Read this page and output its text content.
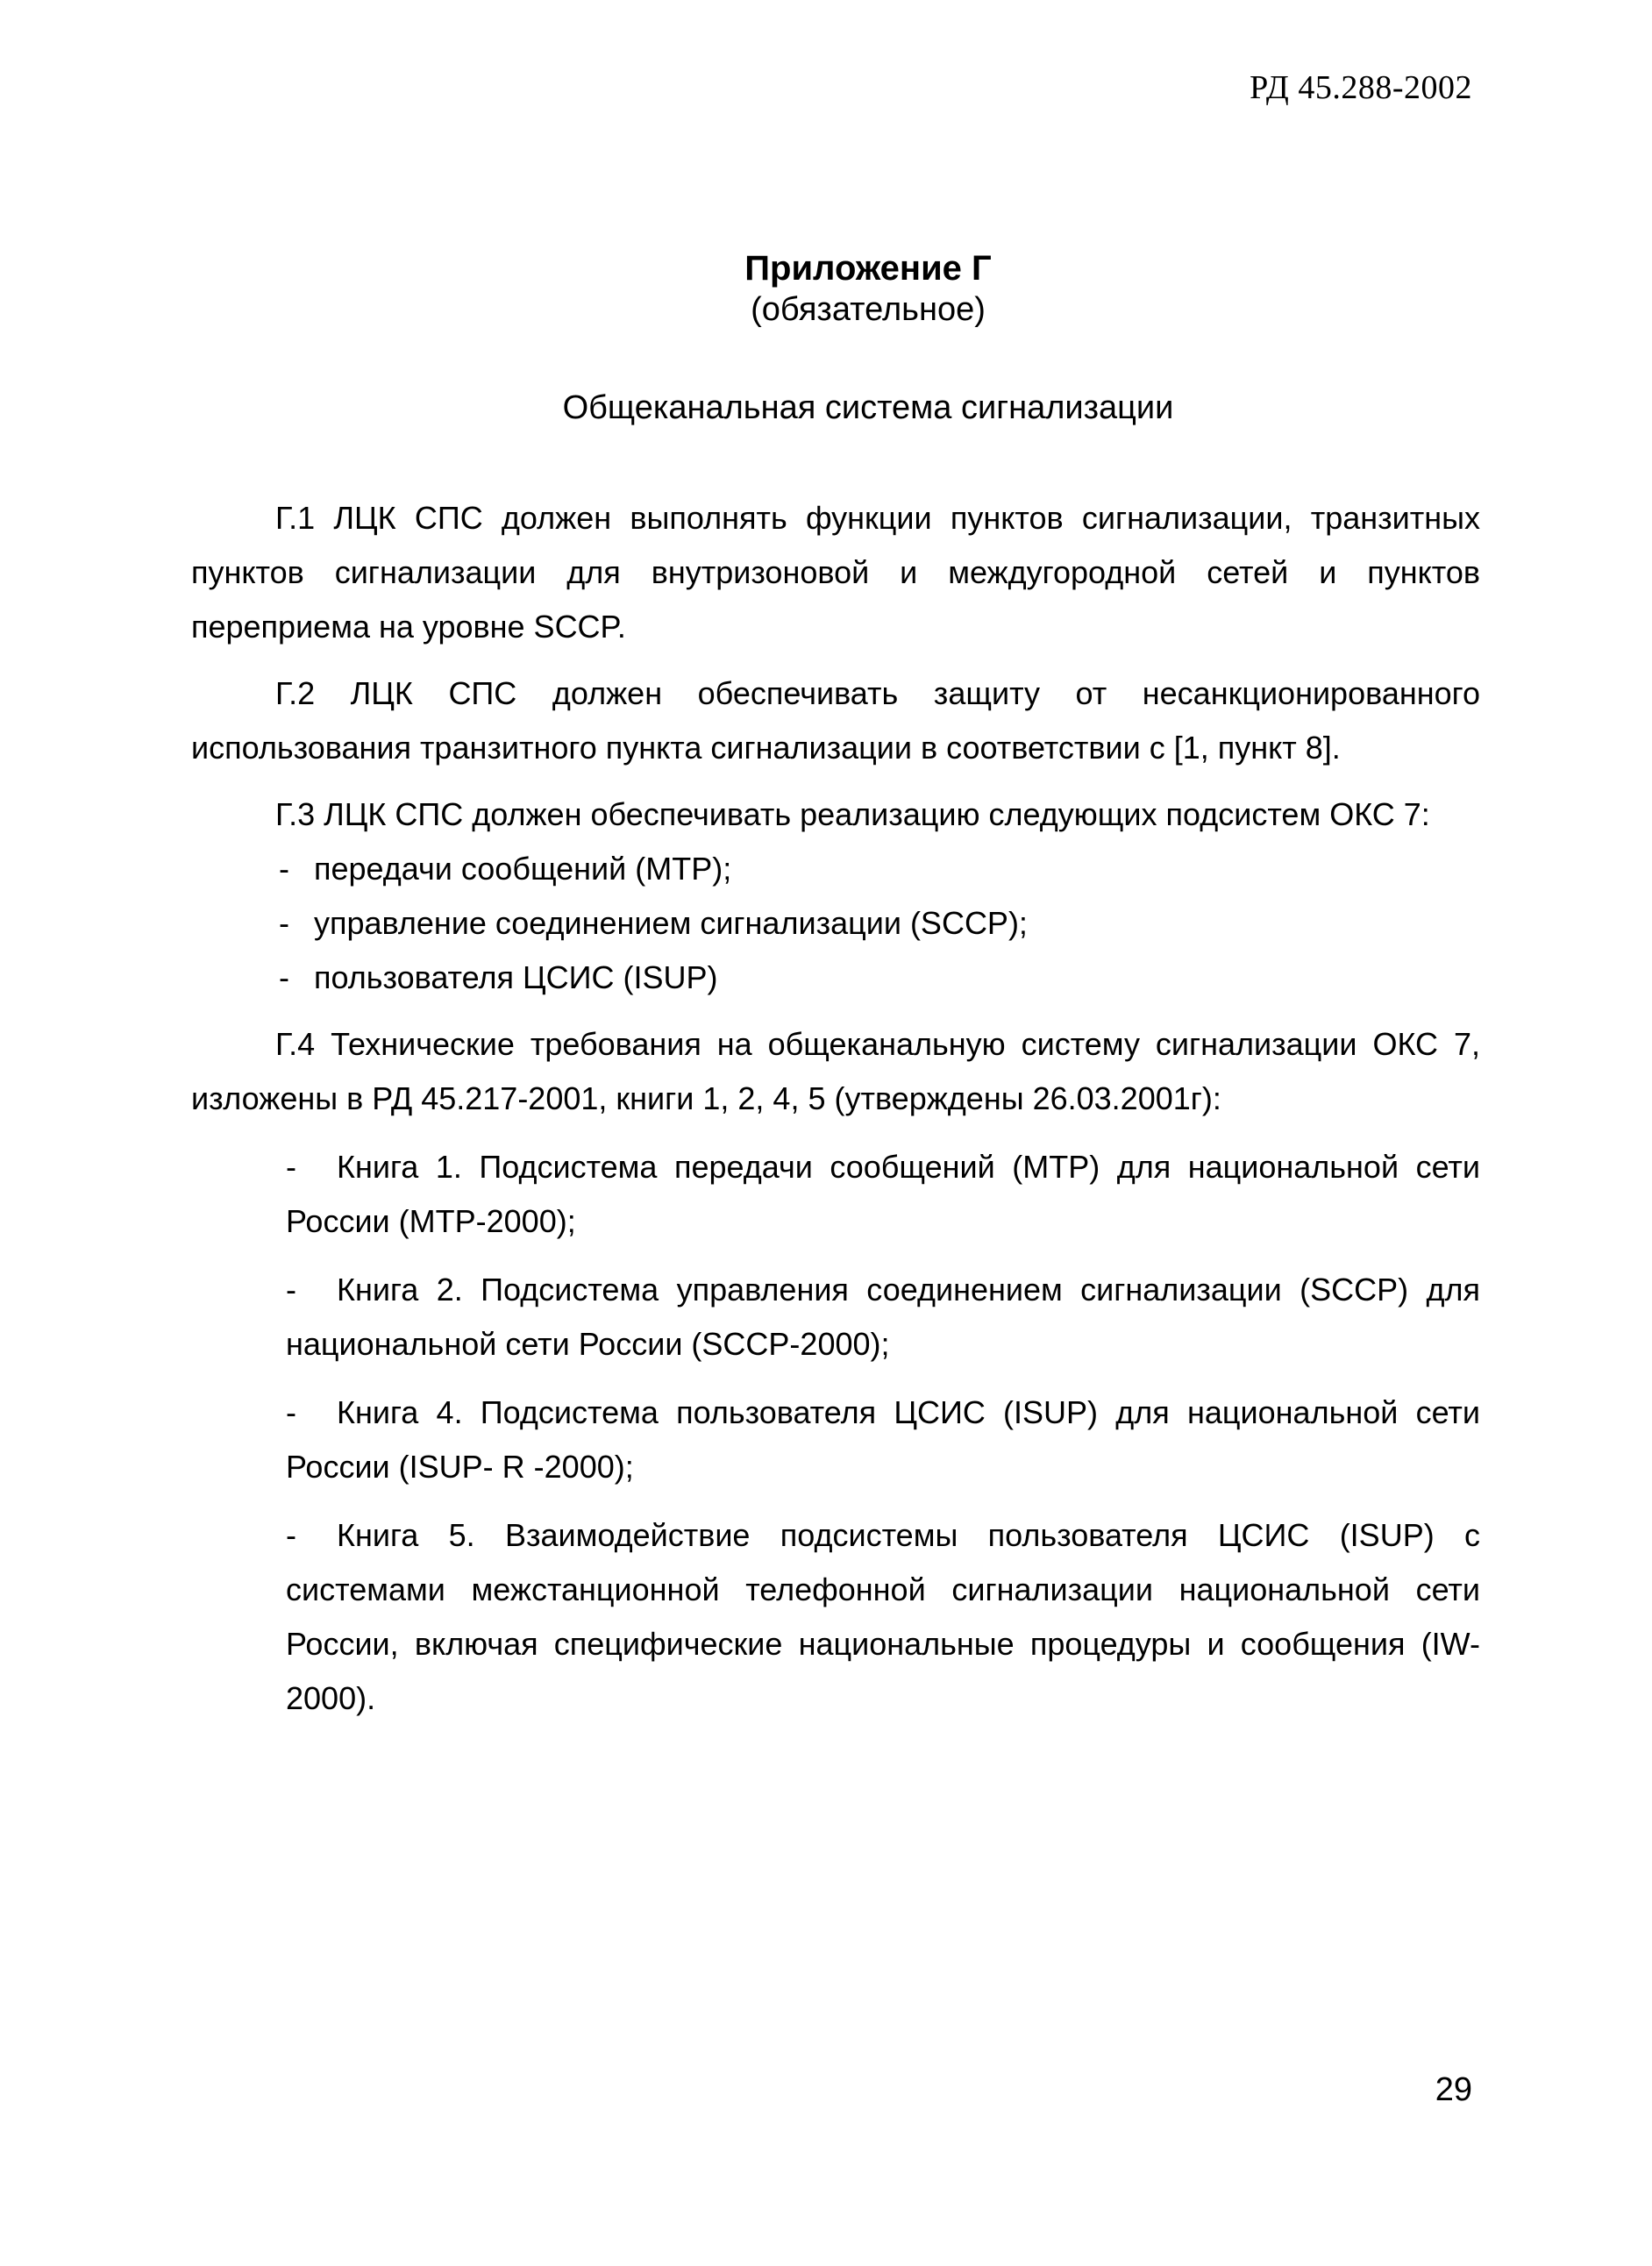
РД 45.288-2002
Приложение Г
(обязательное)
Общеканальная система сигнализации

Г.1 ЛЦК СПС должен выполнять функции пунктов сигнализации, транзитных пунктов сигнализации для внутризоновой и междугородной сетей и пунктов переприема на уровне SCCP.

Г.2 ЛЦК СПС должен обеспечивать защиту от несанкционированного использования транзитного пункта сигнализации в соответствии с [1, пункт 8].

Г.3 ЛЦК СПС должен обеспечивать реализацию следующих подсистем ОКС 7:

- передачи сообщений (МТР);
- управление соединением сигнализации (SCCP);
- пользователя ЦСИС (ISUP)

Г.4 Технические требования на общеканальную систему сигнализации ОКС 7, изложены в РД 45.217-2001, книги 1, 2, 4, 5 (утверждены 26.03.2001г):

- Книга 1. Подсистема передачи сообщений (МТР) для национальной сети России (МТР-2000);

- Книга 2. Подсистема управления соединением сигнализации (SCCP) для национальной сети России (SCCP-2000);

- Книга 4. Подсистема пользователя ЦСИС (ISUP) для национальной сети России (ISUP- R -2000);

- Книга 5. Взаимодействие подсистемы пользователя ЦСИС (ISUP) с системами межстанционной телефонной сигнализации национальной сети России, включая специфические национальные процедуры и сообщения (IW-2000).

29
